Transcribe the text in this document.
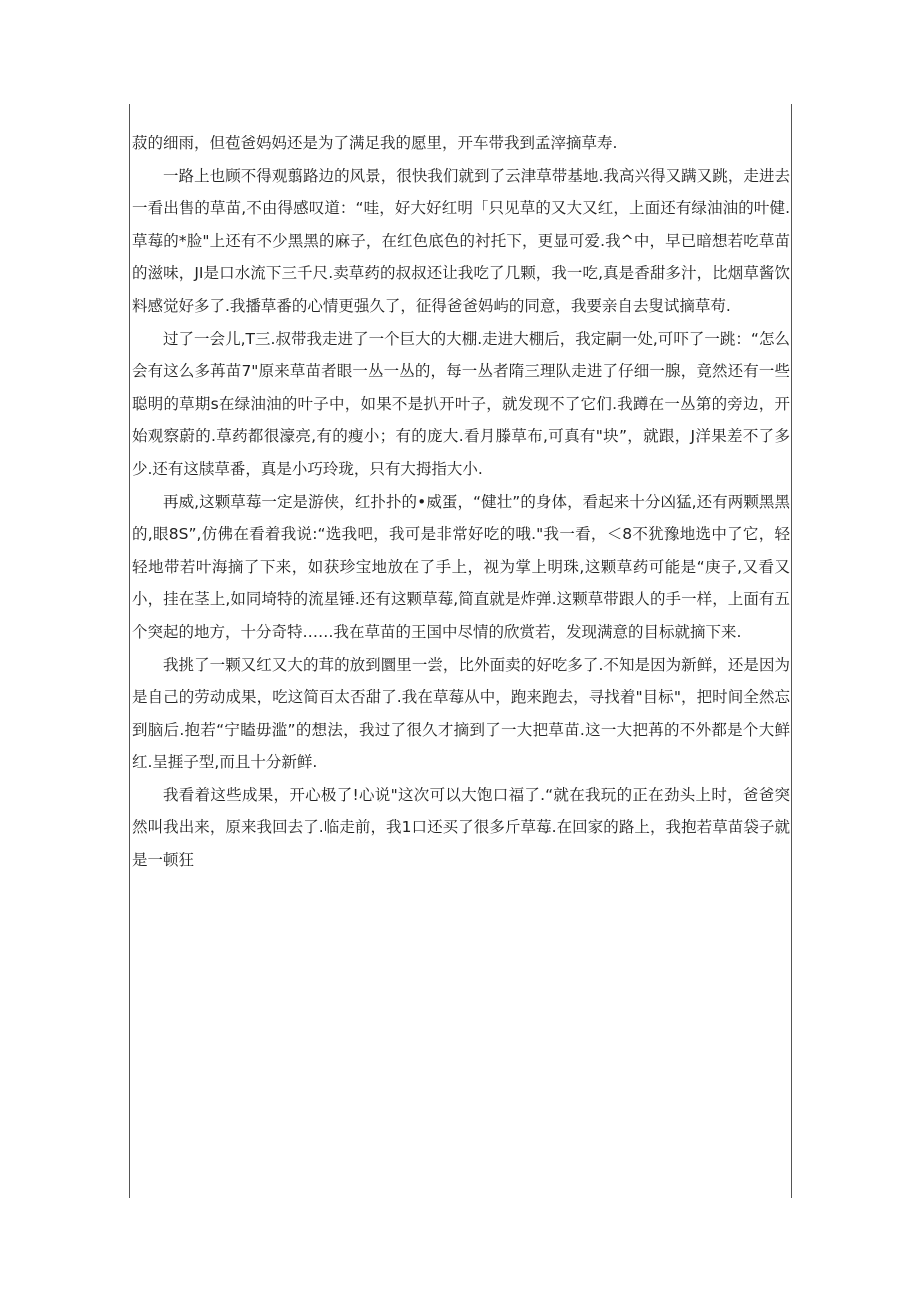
菽的细雨，但苞爸妈妈还是为了满足我的愿里，开车带我到孟滓摘草寿.

一路上也顾不得观翦路边的风景，很快我们就到了云津草带基地.我高兴得又蹒又跳，走进去一看出售的草苗,不由得感叹道：“哇，好大好红明「只见草的又大又红，上面还有绿油油的叶健.草莓的*脸"上还有不少黑黑的麻子，在红色底色的衬托下，更显可爱.我^中，早已暗想若吃草苗的滋味，JI是口水流下三千尺.卖草药的叔叔还让我吃了几颗，我一吃,真是香甜多汁，比烟草酱饮料感觉好多了.我播草番的心情更强久了，征得爸爸妈屿的同意，我要亲自去叟试摘草苟.

过了一会儿,T三.叔带我走进了一个巨大的大棚.走进大棚后，我定嗣一处,可吓了一跳：“怎么会有这么多苒苗7"原来草苗者眼一丛一丛的，每一丛者隋三理队走进了仔细一腺，竟然还有一些聪明的草期s在绿油油的叶子中，如果不是扒开叶子，就发现不了它们.我蹲在一丛第的旁边，开始观察蔚的.草药都很濠亮,有的瘦小；有的庞大.看月滕草布,可真有"块”，就跟，J洋果差不了多少.还有这牍草番，真是小巧玲珑，只有大拇指大小.

再威,这颗草莓一定是游侠，红扑扑的•威蛋，“健壮”的身体，看起来十分凶猛,还有两颗黑黑的,眼8S”,仿佛在看着我说:“选我吧，我可是非常好吃的哦."我一看，＜8不犹豫地选中了它，轻轻地带若叶海摘了下来，如获珍宝地放在了手上，视为掌上明珠,这颗草药可能是“庚子,又看又小，挂在茎上,如同埼特的流星锤.还有这颗草莓,简直就是炸弹.这颗草带跟人的手一样，上面有五个突起的地方，十分奇特……我在草苗的王国中尽情的欣赏若，发现满意的目标就摘下来.

我挑了一颗又红又大的茸的放到圜里一尝，比外面卖的好吃多了.不知是因为新鲜，还是因为是自己的劳动成果，吃这简百太否甜了.我在草莓从中，跑来跑去，寻找着"目标"，把时间全然忘到脑后.抱若“宁瞌毋滥”的想法，我过了很久才摘到了一大把草苗.这一大把苒的不外都是个大鲜红.呈捱子型,而且十分新鲜.

我看着这些成果，开心极了!心说"这次可以大饱口福了.“就在我玩的正在劲头上时，爸爸突然叫我出来，原来我回去了.临走前，我1口还买了很多斤草莓.在回家的路上，我抱若草苗袋子就是一顿狂
